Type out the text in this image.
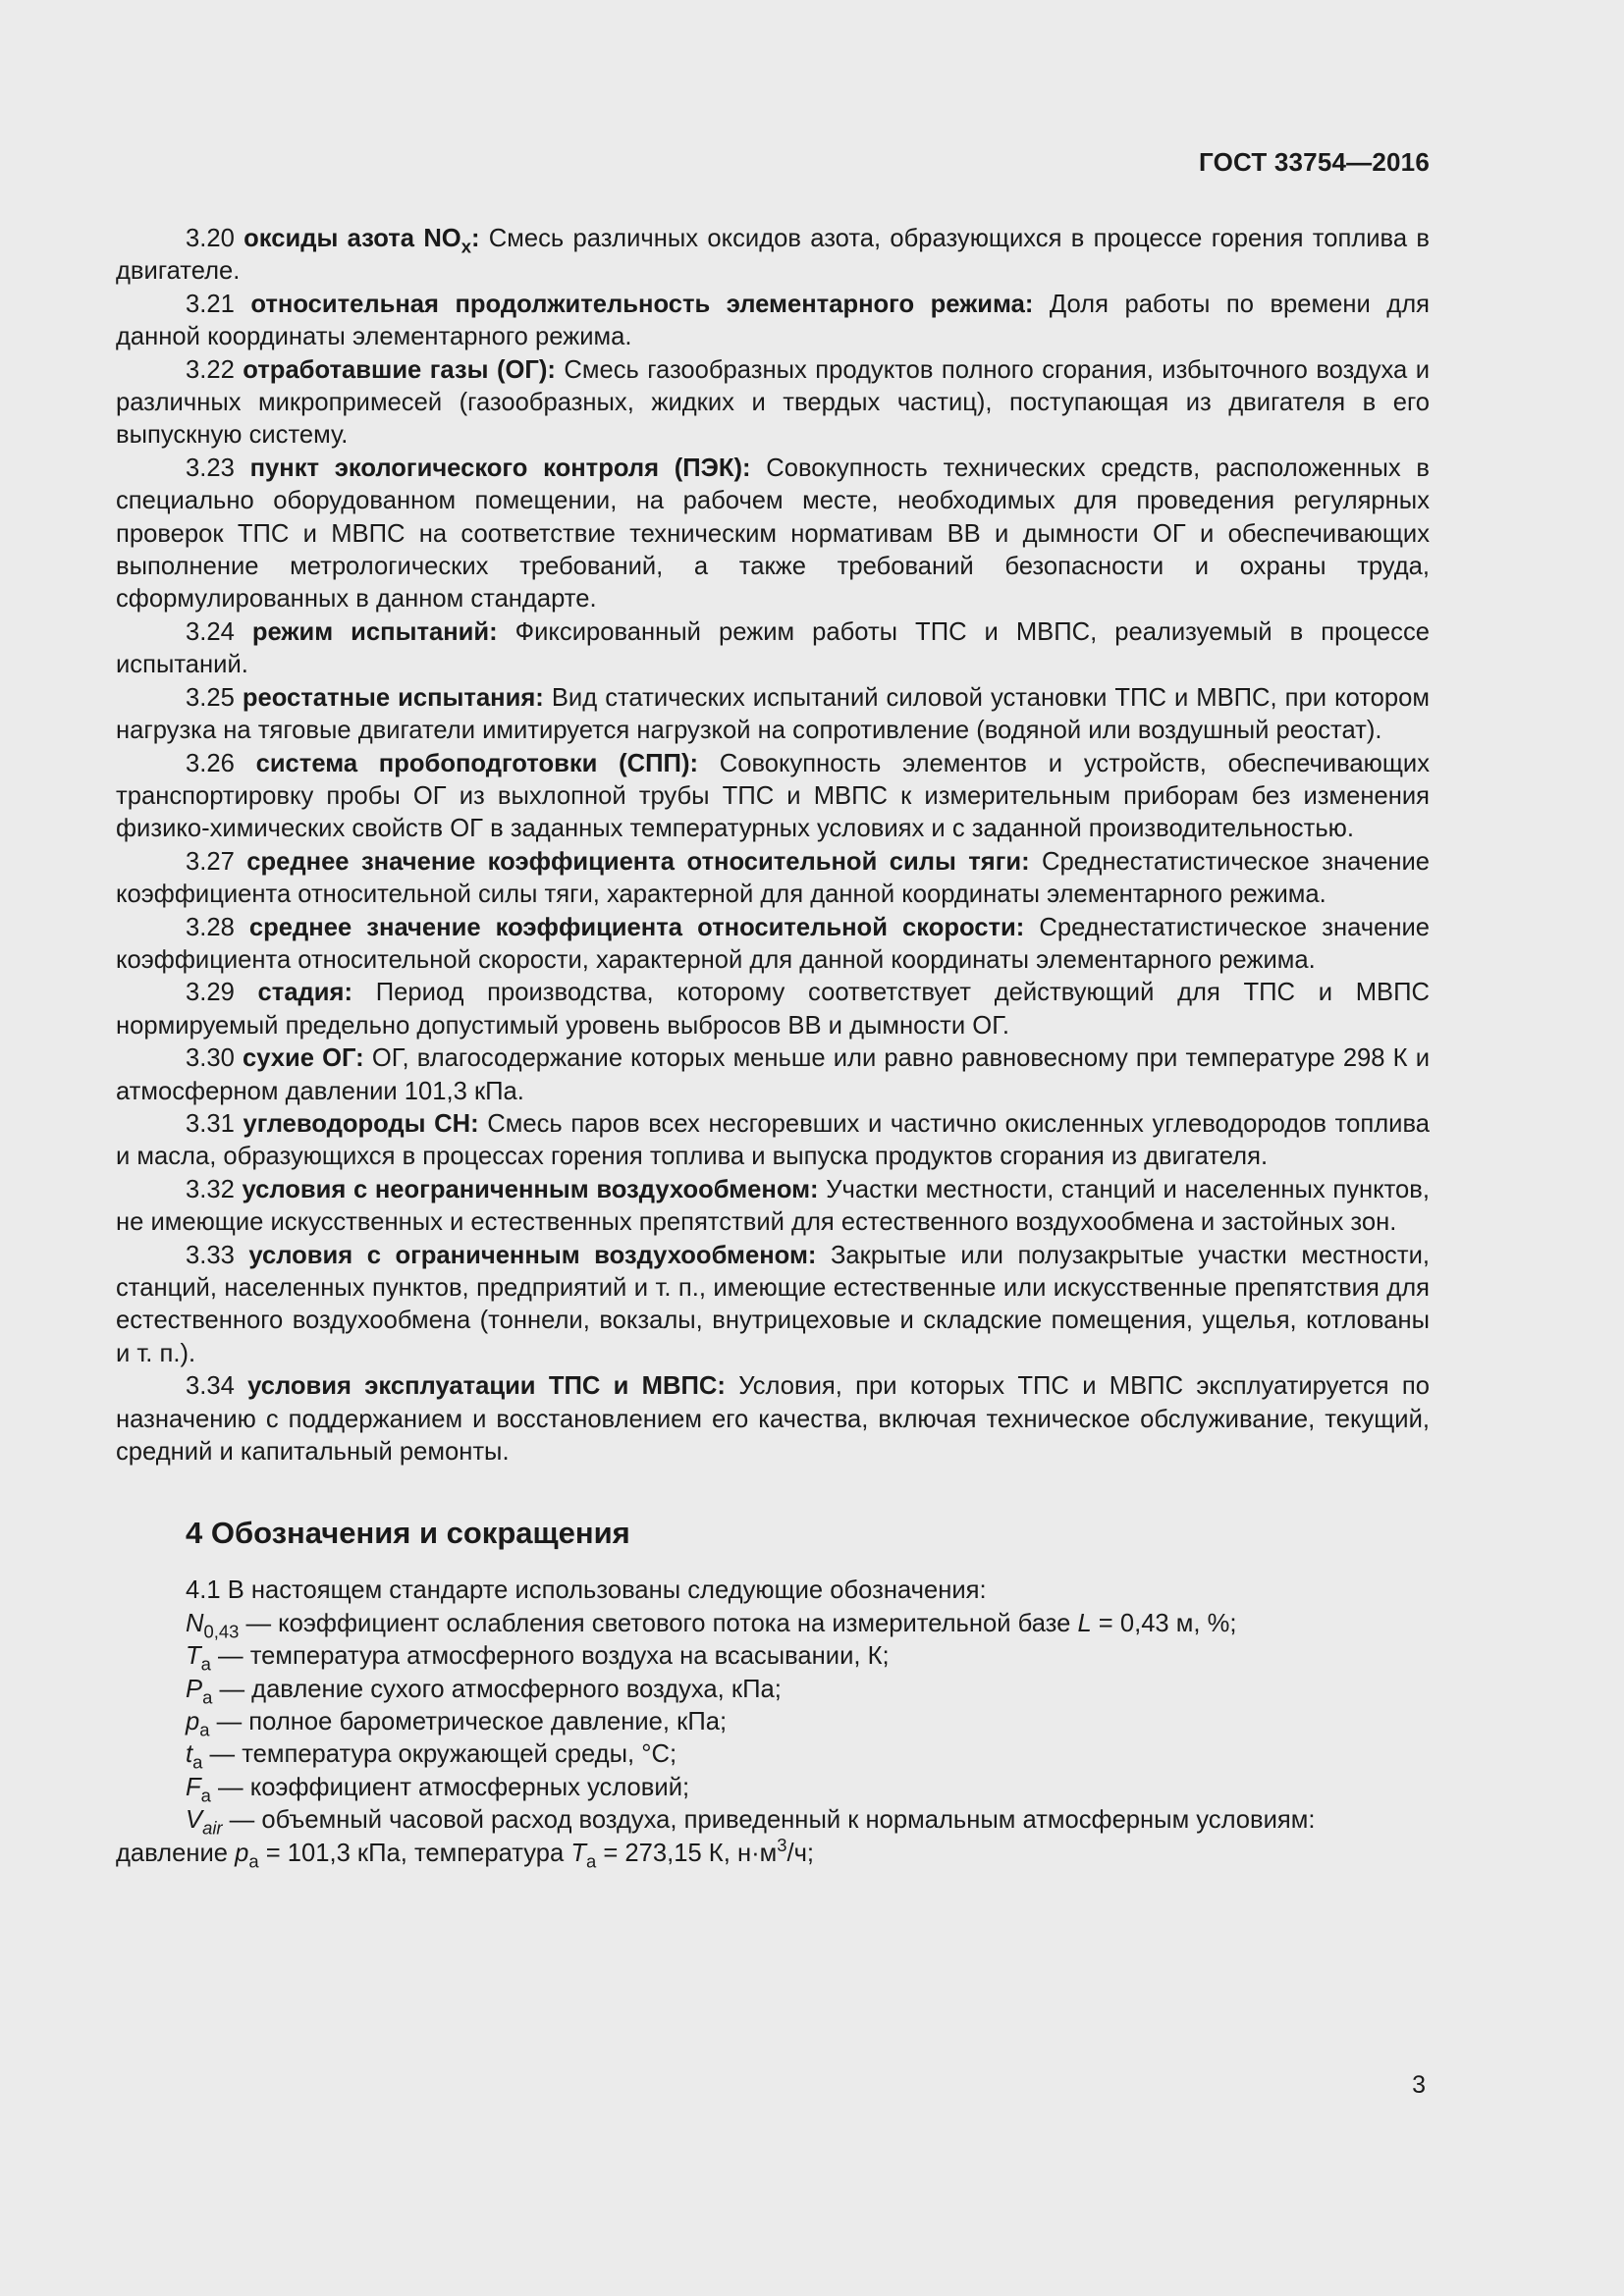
ГОСТ 33754—2016

3.20 оксиды азота $NO_x$: Смесь различных оксидов азота, образующихся в процессе горения топлива в двигателе.

3.21 относительная продолжительность элементарного режима: Доля работы по времени для данной координаты элементарного режима.

3.22 отработавшие газы (ОГ): Смесь газообразных продуктов полного сгорания, избыточного воздуха и различных микропримесей (газообразных, жидких и твердых частиц), поступающая из двигателя в его выпускную систему.

3.23 пункт экологического контроля (ПЭК): Совокупность технических средств, расположенных в специально оборудованном помещении, на рабочем месте, необходимых для проведения регулярных проверок ТПС и МВПС на соответствие техническим нормативам ВВ и дымности ОГ и обеспечивающих выполнение метрологических требований, а также требований безопасности и охраны труда, сформулированных в данном стандарте.

3.24 режим испытаний: Фиксированный режим работы ТПС и МВПС, реализуемый в процессе испытаний.

3.25 реостатные испытания: Вид статических испытаний силовой установки ТПС и МВПС, при котором нагрузка на тяговые двигатели имитируется нагрузкой на сопротивление (водяной или воздушный реостат).

3.26 система пробоподготовки (СПП): Совокупность элементов и устройств, обеспечивающих транспортировку пробы ОГ из выхлопной трубы ТПС и МВПС к измерительным приборам без изменения физико-химических свойств ОГ в заданных температурных условиях и с заданной производительностью.

3.27 среднее значение коэффициента относительной силы тяги: Среднестатистическое значение коэффициента относительной силы тяги, характерной для данной координаты элементарного режима.

3.28 среднее значение коэффициента относительной скорости: Среднестатистическое значение коэффициента относительной скорости, характерной для данной координаты элементарного режима.

3.29 стадия: Период производства, которому соответствует действующий для ТПС и МВПС нормируемый предельно допустимый уровень выбросов ВВ и дымности ОГ.

3.30 сухие ОГ: ОГ, влагосодержание которых меньше или равно равновесному при температуре 298 К и атмосферном давлении 101,3 кПа.

3.31 углеводороды СН: Смесь паров всех несгоревших и частично окисленных углеводородов топлива и масла, образующихся в процессах горения топлива и выпуска продуктов сгорания из двигателя.

3.32 условия с неограниченным воздухообменом: Участки местности, станций и населенных пунктов, не имеющие искусственных и естественных препятствий для естественного воздухообмена и застойных зон.

3.33 условия с ограниченным воздухообменом: Закрытые или полузакрытые участки местности, станций, населенных пунктов, предприятий и т. п., имеющие естественные или искусственные препятствия для естественного воздухообмена (тоннели, вокзалы, внутрицеховые и складские помещения, ущелья, котлованы и т. п.).

3.34 условия эксплуатации ТПС и МВПС: Условия, при которых ТПС и МВПС эксплуатируется по назначению с поддержанием и восстановлением его качества, включая техническое обслуживание, текущий, средний и капитальный ремонты.

4 Обозначения и сокращения

4.1 В настоящем стандарте использованы следующие обозначения:

$N_{0,43}$ — коэффициент ослабления светового потока на измерительной базе L = 0,43 м, %;

$T_a$ — температура атмосферного воздуха на всасывании, К;

$P_a$ — давление сухого атмосферного воздуха, кПа;

$p_a$ — полное барометрическое давление, кПа;

$t_a$ — температура окружающей среды, °С;

$F_a$ — коэффициент атмосферных условий;

$V_{air}$ — объемный часовой расход воздуха, приведенный к нормальным атмосферным условиям:

давление $p_a = 101,3$ кПа, температура $T_a = 273,15$ К, $н\cdot м^3/ч$;

3
